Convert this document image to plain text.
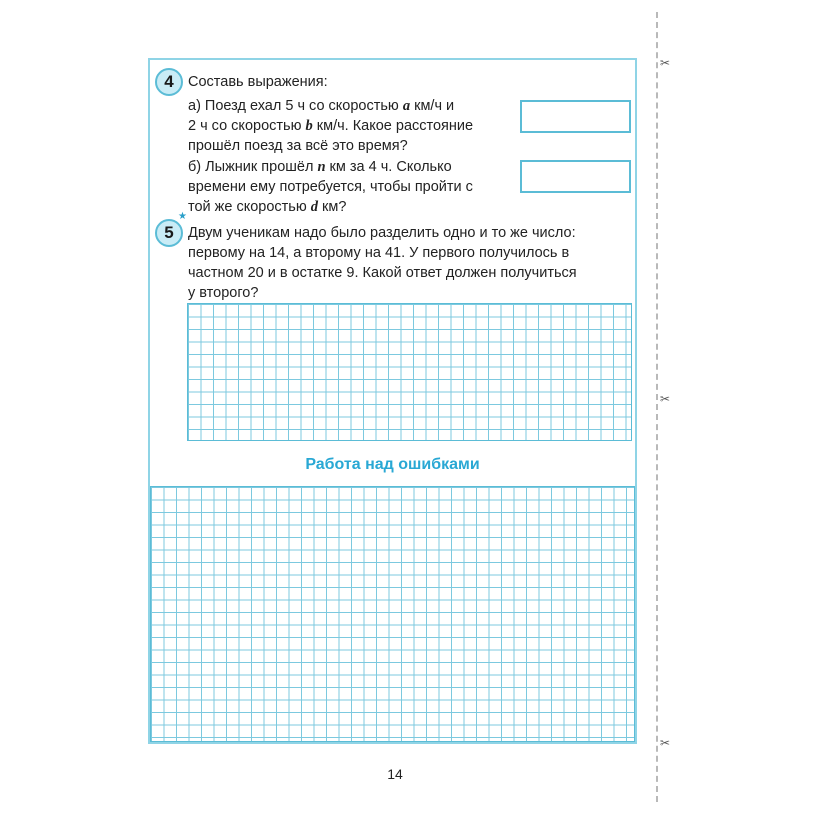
✂
✂
✂
4 Составь выражения:
а) Поезд ехал 5 ч со скоростью a км/ч и
2 ч со скоростью b км/ч. Какое расстояние
прошёл поезд за всё это время?
б) Лыжник прошёл n км за 4 ч. Сколько
времени ему потребуется, чтобы пройти с
той же скоростью d км?
5
★
Двум ученикам надо было разделить одно и то же число:
первому на 14, а второму на 41. У первого получилось в
частном 20 и в остатке 9. Какой ответ должен получиться
у второго?
Работа над ошибками
14
